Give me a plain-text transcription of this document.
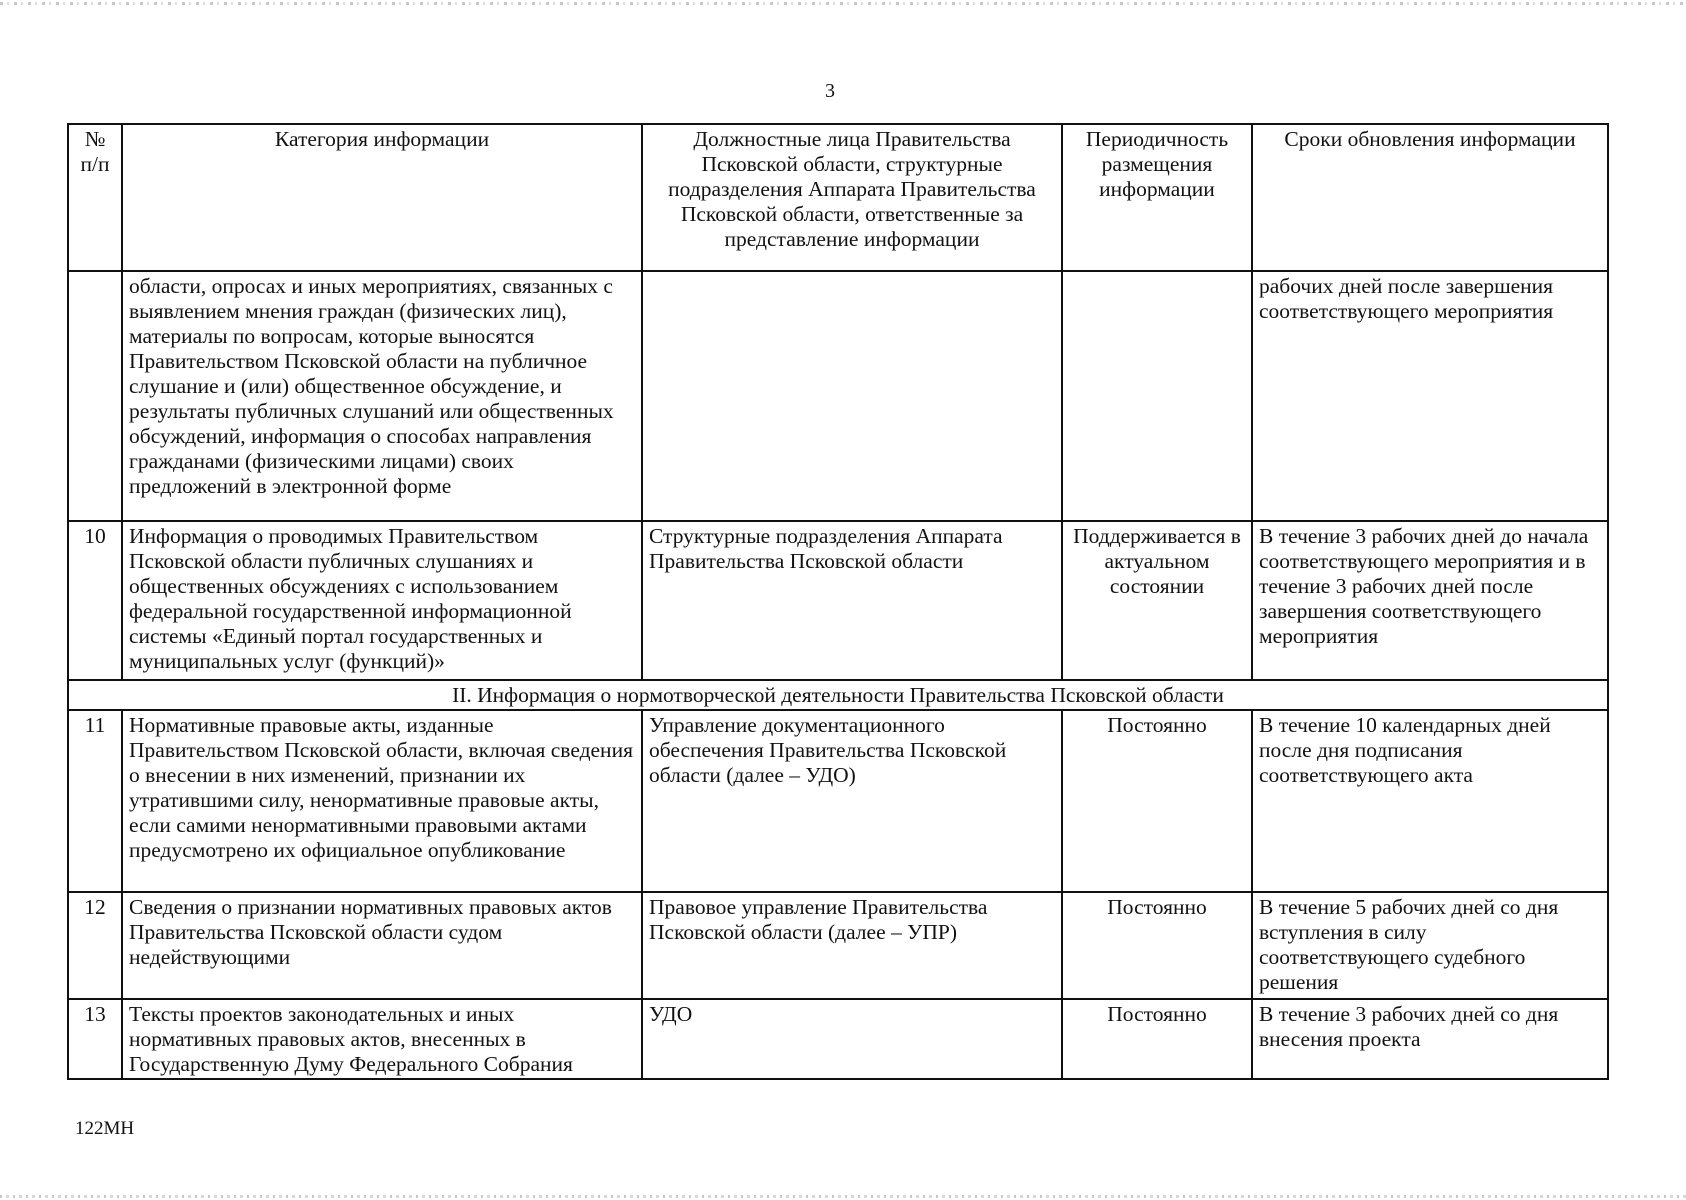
3
№ п/п	Категория информации	Должностные лица Правительства Псковской области, структурные подразделения Аппарата Правительства Псковской области, ответственные за представление информации	Периодичность размещения информации	Сроки обновления информации
	области, опросах и иных мероприятиях, связанных с выявлением мнения граждан (физических лиц), материалы по вопросам, которые выносятся Правительством Псковской области на публичное слушание и (или) общественное обсуждение, и результаты публичных слушаний или общественных обсуждений, информация о способах направления гражданами (физическими лицами) своих предложений в электронной форме			рабочих дней после завершения соответствующего мероприятия
10	Информация о проводимых Правительством Псковской области публичных слушаниях и общественных обсуждениях с использованием федеральной государственной информационной системы «Единый портал государственных и муниципальных услуг (функций)»	Структурные подразделения Аппарата Правительства Псковской области	Поддерживается в актуальном состоянии	В течение 3 рабочих дней до начала соответствующего мероприятия и в течение 3 рабочих дней после завершения соответствующего мероприятия
II. Информация о нормотворческой деятельности Правительства Псковской области				
11	Нормативные правовые акты, изданные Правительством Псковской области, включая сведения о внесении в них изменений, признании их утратившими силу, ненормативные правовые акты, если самими ненормативными правовыми актами предусмотрено их официальное опубликование	Управление документационного обеспечения Правительства Псковской области (далее – УДО)	Постоянно	В течение 10 календарных дней после дня подписания соответствующего акта
12	Сведения о признании нормативных правовых актов Правительства Псковской области судом недействующими	Правовое управление Правительства Псковской области (далее – УПР)	Постоянно	В течение 5 рабочих дней со дня вступления в силу соответствующего судебного решения
13	Тексты проектов законодательных и иных нормативных правовых актов, внесенных в Государственную Думу Федерального Собрания	УДО	Постоянно	В течение 3 рабочих дней со дня внесения проекта
122МН
